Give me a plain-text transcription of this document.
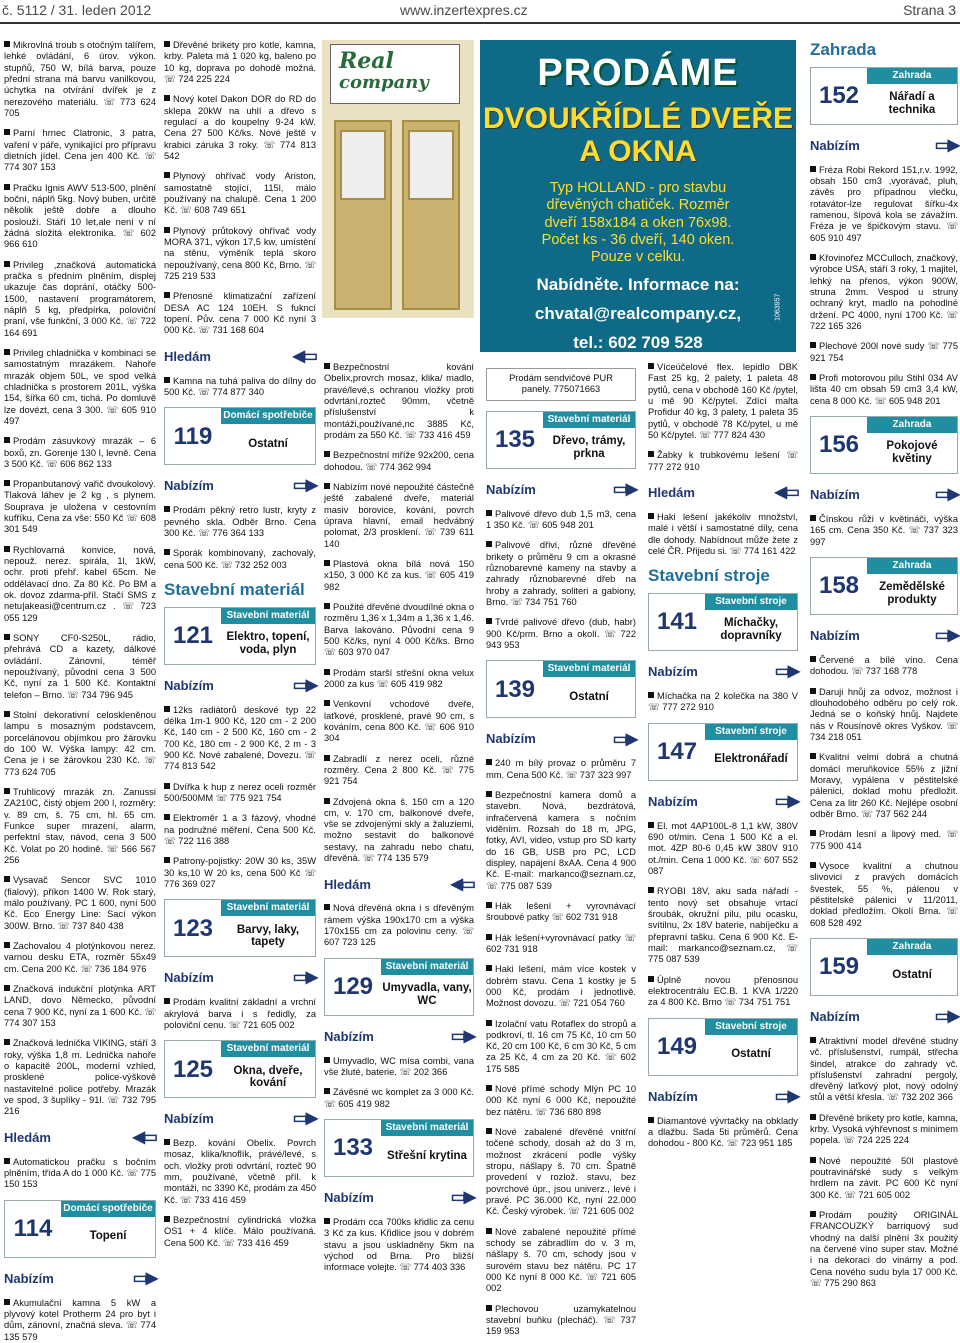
č. 5112 / 31. leden 2012	www.inzertexpres.cz	Strana 3
Mikrovlná troub s otočným talířem, lehké ovládání, 6 úrov. výkon. stupňů, 750 W, bílá barva, pouze přední strana má barvu vanilkovou, úchytka na otvírání dvířek je z nerezového materiálu. ☏ 773 624 705
Parní hrnec Clatronic, 3 patra, vaření v páře, vynikající pro přípravu dietních jídel. Cena jen 400 Kč. ☏ 774 307 153
Pračku Ignis AWV 513-500, plnění boční, náplň 5kg. Nový buben, určitě několik ještě dobře a dlouho poslouží. Stáří 10 let,ale není v ní žádná složitá elektronika. ☏ 602 966 610
Privileg ,značková automatická pračka s předním plněním, displej ukazuje čas doprání, otáčky 500-1500, nastavení programátorem, náplň 5 kg, předpírka, poloviční praní, vše funkční, 3 000 Kč. ☏ 722 164 691
Privileg chladnička v kombinaci se samostatným mrazákem. Nahoře mrazák objem 50L, ve spod velká chladnička s prostorem 201L, výška 154, šířka 60 cm, tichá. Po domluvě lze dovézt, cena 3 300. ☏ 605 910 497
Prodám zásuvkový mrazák – 6 boxů, zn. Gorenje 130 l, levně. Cena 3 500 Kč. ☏ 606 862 133
Propanbutanový vařič dvoukolový. Tlaková láhev je 2 kg , s plynem. Souprava je uložena v cestovním kufříku, Cena za vše: 550 Kč ☏ 608 301 549
Rychlovarná konvice, nová, nepouž. nerez. spirála, 1l, 1kW, ochr. proti přehř. kabel 65cm. Ne oddělávací dno. Za 80 Kč. Po BM a ok. dovoz zdarma-příl. Stačí SMS z netu|akeasi@centrum.cz . ☏ 723 055 129
SONY CF0-S250L, rádio, přehrává CD a kazety, dálkové ovládání. Zánovní, téměř nepoužívaný, původní cena 3 500 Kč, nyní za 1 500 Kč. Kontaktní telefon – Brno. ☏ 734 796 945
Stolní dekorativní celoskleněnou lampu s mosazným podstavcem, porcelánovou objímkou pro žárovku do 100 W. Výška lampy: 42 cm. Cena je i se žárovkou 230 Kč. ☏ 773 624 705
Truhlicový mrazák zn. Zanussi ZA210C, čistý objem 200 l, rozměry: v. 89 cm, š. 75 cm, hl. 65 cm. Funkce super mrazení, alarm, perfektní stav, návod, cena 3 500 Kč. Volat po 20 hodině. ☏ 566 567 256
Vysavač Sencor SVC 1010 (fialový), příkon 1400 W. Rok starý, málo používaný. PC 1 600, nyní 500 Kč. Eco Energy Line: Sací výkon 300W. Brno. ☏ 737 840 438
Zachovalou 4 plotýnkovou nerez. varnou desku ETA, rozměr 55x49 cm. Cena 200 Kč. ☏ 736 184 976
Značková indukční plotýnka ART LAND, dovo Německo, původní cena 7 900 Kč, nyní za 1 600 Kč. ☏ 774 307 153
Značková lednička VIKING, stáří 3 roky, výška 1,8 m. Lednička nahoře o kapacitě 200L, moderní vzhled, prosklené police-výškově nastavitelné police potřeby. Mrazák ve spod, 3 šuplíky - 91l. ☏ 732 795 216
Hledám	◀▭
Automatickou pračku s bočním plněním, třída A do 1 000 Kč. ☏ 775 150 153
114
Domácí spotřebiče
Topení
Nabízím	▭▶
Akumulační kamna 5 kW a plyvový kotel Protherm 24 pro byt i dům, zánovní, značná sleva. ☏ 774 135 579
Dřevěné brikety pro kotle, kamna, krby. Paleta má 1 020 kg, baleno po 10 kg, doprava po dohodě možná. ☏ 724 225 224
Nový kotel Dakon DOR do RD do sklepa 20kW na uhlí a dřevo s regulací a do koupelny 9-24 kW. Cena 27 500 Kč/ks. Nové ještě v krabici záruka 3 roky. ☏ 774 813 542
Plynový ohřívač vody Ariston, samostatně stojící, 115l, málo používaný na chalupě. Cena 1 200 Kč. ☏ 608 749 651
Plynový průtokový ohřívač vody MORA 371, výkon 17,5 kw, umístění na stěnu, výměník teplá skoro nepoužívaný, cena 800 Kč, Brno. ☏ 725 219 533
Přenosné klimatizační zařízení DESA AC 124 10EH. S fukncí topení. Pův. cena 7 000 Kč nyní 3 000 Kč. ☏ 731 168 604
Hledám	◀▭
Kamna na tuhá paliva do dílny do 500 Kč. ☏ 774 877 340
119
Domácí spotřebiče
Ostatní
Nabízím	▭▶
Prodám pěkný retro lustr, kryty z pevného skla. Odběr Brno. Cena 300 Kč. ☏ 776 364 133
Sporák kombinovaný, zachovalý, cena 500 Kč. ☏ 732 252 003
Stavební materiál
121
Stavební materiál
Elektro, topení, voda, plyn
Nabízím	▭▶
12ks radiátorů deskové typ 22 délka 1m-1 900 Kč, 120 cm - 2 200 Kč, 140 cm - 2 500 Kč, 160 cm - 2 700 Kč, 180 cm - 2 900 Kč, 2 m - 3 900 Kč. Nové zabalené, Dovezu. ☏ 774 813 542
Dvířka k hup z nerez oceli rozměr 500/500MM ☏ 775 921 754
Elektroměr 1 a 3 fázový, vhodné na podružné měření. Cena 500 Kč. ☏ 722 116 388
Patrony-pojistky: 20W 30 ks, 35W 30 ks,10 W 20 ks, cena 500 Kč ☏ 776 369 027
123
Stavební materiál
Barvy, laky, tapety
Nabízím	▭▶
Prodám kvalitní základní a vrchní akrylová barva i s ředidly, za poloviční cenu. ☏ 721 605 002
125
Stavební materiál
Okna, dveře, kování
Nabízím	▭▶
Bezp. kování Obelix. Povrch mosaz, klika/knoflík, právé/levé, s och. vložky proti odvrtání, rozteč 90 mm, používané, včetně příl. k montáži, nc 3390 Kč, prodám za 450 Kč. ☏ 733 416 459
Bezpečnostní cylindrická vložka OS1 + 4 klíče. Málo používaná. Cena 500 Kč. ☏ 733 416 459
Real
company	PRODÁME
DVOUKŘÍDLÉ DVEŘE A OKNA
Typ HOLLAND - pro stavbu
dřevěných chatiček. Rozměr
dveří 158x184 a oken 76x98.
Počet ks - 36 dveří, 140 oken.
Pouze v celku.
Nabídněte. Informace na:
chvatal@realcompany.cz,
tel.: 602 709 528
1063957
Bezpečnostní kování Obelix,provrch mosaz, klika/ madlo, pravé/levé,s ochranou vložky proti odvrtání,rozteč 90mm, včetně příslušenství k montáži,používané,nc 3885 Kč, prodám za 550 Kč. ☏ 733 416 459
Bezpečnostní mříže 92x200, cena dohodou. ☏ 774 362 994
Nabízím nové nepoužité částečně ještě zabalené dveře, materiál masiv borovice, kování, povrch úprava hlavní, email hedvábný polomat, 2/3 prosklení. ☏ 739 611 140
Plastová okna bílá nová 150 x150, 3 000 Kč za kus. ☏ 605 419 982
Použité dřevěné dvoudílné okna o rozměru 1,36 x 1,34m a 1,36 x 1,46. Barva lakováno. Původní cena 9 500 Kč/ks, nyní 4 000 Kč/ks. Brno ☏ 603 970 047
Prodám starší střešní okna velux 2000 za kus ☏ 605 419 982
Venkovní vchodové dveře, laťkové, prosklené, pravé 90 cm, s kováním, cena 800 Kč. ☏ 606 910 304
Zabradlí z nerez oceli, různé rozměry. Cena 2 800 Kč. ☏ 775 921 754
Zdvojená okna š. 150 cm a 120 cm, v. 170 cm, balkonové dveře, vše se zdvojenými skly a žaluziemi, možno sestavit do balkonové sestavy, na zahradu nebo chatu, dřevěná. ☏ 774 135 579
Hledám	◀▭
Nová dřevěná okna i s dřevěným rámem výška 190x170 cm a výška 170x155 cm za polovinu ceny. ☏ 607 723 125
129
Stavební materiál
Umyvadla, vany, WC
Nabízím	▭▶
Umyvadlo, WC mísa combi, vana vše žluté, baterie. ☏ 202 366
Závěsné wc komplet za 3 000 Kč. ☏ 605 419 982
133
Stavební materiál
Střešní krytina
Nabízím	▭▶
Prodám cca 700ks křidlic za cenu 3 Kč za kus. Křidlice jsou v dobrém stavu a jsou uskladněny 5km na východ od Brna. Pro bližší informace volejte. ☏ 774 403 336
Prodám sendvičové PUR panely. 775071663
135
Stavební materiál
Dřevo, trámy, prkna
Nabízím	▭▶
Palivové dřevo dub 1,5 m3, cena 1 350 Kč. ☏ 605 948 201
Palivové dřivi, různé dřevěné brikety o průměru 9 cm a okrasné různobarevné kameny na stavby a zahrady různobarevné dřeb na hroby a zahrady, soliteri a gabiony, Brno. ☏ 734 751 760
Tvrdé palivové dřevo (dub, habr) 900 Kč/prm. Brno a okolí. ☏ 722 943 953
139
Stavební materiál
Ostatní
Nabízím	▭▶
240 m bílý provaz o průměru 7 mm. Cena 500 Kč. ☏ 737 323 997
Bezpečnostní kamera domů a stavebn. Nová, bezdrátová, infračervená kamera s nočním viděním. Rozsah do 18 m, JPG, fotky, AVI, video, vstup pro SD karty do 16 GB, USB pro PC, LCD displey, napájení 8xAA. Cena 4 900 Kč. E-mail: markanco@seznam.cz, ☏ 775 087 539
Hák lešení + vyrovnávací šroubové patky ☏ 602 731 918
Hák lešení+vyrovnávací patky ☏ 602 731 918
Haki lešení, mám více kostek v dobrém stavu. Cena 1 kostky je 5 000 Kč, prodám i jednotlivě. Možnost dovozu. ☏ 721 054 760
Izolační vatu Rotaflex do stropů a podkroví, tl. 16 cm 75 Kč, 10 cm 50 Kč, 20 cm 100 Kč, 6 cm 30 Kč, 5 cm za 25 Kč, 4 cm za 20 Kč. ☏ 602 175 585
Nové přímé schody Mlýn PC 10 000 Kč nyní 6 000 Kč, nepoužité bez nátěru. ☏ 736 680 898
Nové zabalené dřevěné vnitřní točené schody, dosah až do 3 m, možnost zkrácení podle výšky stropu, nášlapy š. 70 cm. Špatně provedení v rozlož. stavu, bez povrchové úpr., jsou univerz., levé i pravé. PC 36.000 Kč, nyní 22.000 Kč. Český výrobek. ☏ 721 605 002
Nové zabalené nepoužité přímé schody se zábradlím do v. 3 m, nášlapy š. 70 cm, schody jsou v surovém stavu bez nátěru. PC 17 000 Kč nyní 8 000 Kč. ☏ 721 605 002
Plechovou uzamykatelnou stavební buňku (plecháč). ☏ 737 159 953
Víceúčelové flex. lepidlo DBK Fast 25 kg, 2 palety, 1 paleta 48 pytlů, cena v obchodě 160 Kč /pytel, u mě 90 Kč/pytel. Zdící malta Profidur 40 kg, 3 palety, 1 paleta 35 pytlů, v obchodě 78 Kč/pytel, u mě 50 Kč/pytel. ☏ 777 824 430
Žabky k trubkovému lešení ☏ 777 272 910
Hledám	◀▭
Haki lešení jakékoliv množství, malé i větší i samostatné díly, cena dle dohody. Nabídnout může žete z celé ČR. Přijedu si. ☏ 774 161 422
Stavební stroje
141
Stavební stroje
Míchačky, dopravníky
Nabízím	▭▶
Míchačka na 2 kolečka na 380 V ☏ 777 272 910
147
Stavební stroje
Elektronářadí
Nabízím	▭▶
El. mot 4AP100L-8 1,1 kW, 380V 690 ot/min. Cena 1 500 Kč a el. mot. 4ZP 80-6 0,45 kW 380V 910 ot./min. Cena 1 000 Kč. ☏ 607 552 087
RYOBI 18V, aku sada nářadí - tento nový set obsahuje vrtací šroubák, okružní pilu, pilu ocasku, svítilnu, 2x 18V baterie, nabíječku a přepravní tašku. Cena 6 900 Kč. E-mail: markanco@seznam.cz, ☏ 775 087 539
Úplně novou přenosnou elektrocentrálu EC.B. 1 KVA 1/220 za 4 800 Kč. Brno ☏ 734 751 751
149
Stavební stroje
Ostatní
Nabízím	▭▶
Diamantové vývrtačky na obklady a dlažbu. Sada 5ti průměrů. Cena dohodou - 800 Kč. ☏ 723 951 185
Zahrada
152
Zahrada
Nářadí a technika
Nabízím	▭▶
Fréza Robi Rekord 151,r.v. 1992, obsah 150 cm3 ,vyorávač, pluh, závěs pro případnou vlečku, rotavátor-lze regulovat šířku-4x ramenou, šípová kola se závažím. Fréza je ve špičkovým stavu. ☏ 605 910 497
Křovinořez MCCulloch, značkový, výrobce USA, stáří 3 roky, 1 majitel, lehký na přenos, výkon 900W, struna 2mm. Vespod u struny ochraný kryt, madlo na pohodlné držení. PC 4000, nyní 1700 Kč. ☏ 722 165 326
Plechové 200l nové sudy ☏ 775 921 754
Profi motorovou pilu Stihl 034 AV lišta 40 cm obsah 59 cm3 3,4 kW, cena 8 000 Kč. ☏ 605 948 201
156
Zahrada
Pokojové květiny
Nabízím	▭▶
Čínskou růži v květináči, výška 165 cm. Cena 350 Kč. ☏ 737 323 997
158
Zahrada
Zemědělské produkty
Nabízím	▭▶
Červené a bílé víno. Cena dohodou. ☏ 737 168 778
Daruji hnůj za odvoz, možnost i dlouhodobého odběru po celý rok. Jedná se o koňský hnůj. Najdete nás v Rousínově okres Vyškov. ☏ 734 218 051
Kvalitní velmi dobrá a chutná domácí meruňkovice 55% z jižní Moravy, vypálena v pěstitelské pálenici, doklad mohu předložit. Cena za litr 260 Kč. Nejlépe osobní odběr Brno. ☏ 737 562 244
Prodám lesní a lipový med. ☏ 775 900 414
Vysoce kvalitní a chutnou slivovici z pravých domácích švestek, 55 %, pálenou v pěstitelské pálenici v 11/2011, doklad předložím. Okolí Brna. ☏ 608 528 492
159
Zahrada
Ostatní
Nabízím	▭▶
Atraktivní model dřevěné studny vč. příslušenství, rumpál, střecha šindel, atrakce do zahrady vč. příslušenství zahradní pergoly, dřevěný laťkový plot, nový odolný stůl a větší křesla. ☏ 732 202 366
Dřevěné brikety pro kotle, kamna, krby. Vysoká výhřevnost s minimem popela. ☏ 724 225 224
Nové nepoužité 50l plastové poutravinářské sudy s velkým hrdlem na závit. PC 600 Kč nyní 300 Kč. ☏ 721 605 002
Prodám použitý ORIGINÁL FRANCOUZKÝ barriquový sud vhodný na další plnění 3x použitý na červené víno super stav. Možné i na dekoraci do vinárny a pod. Cena nového sudu byla 17 000 Kč. ☏ 775 290 863
